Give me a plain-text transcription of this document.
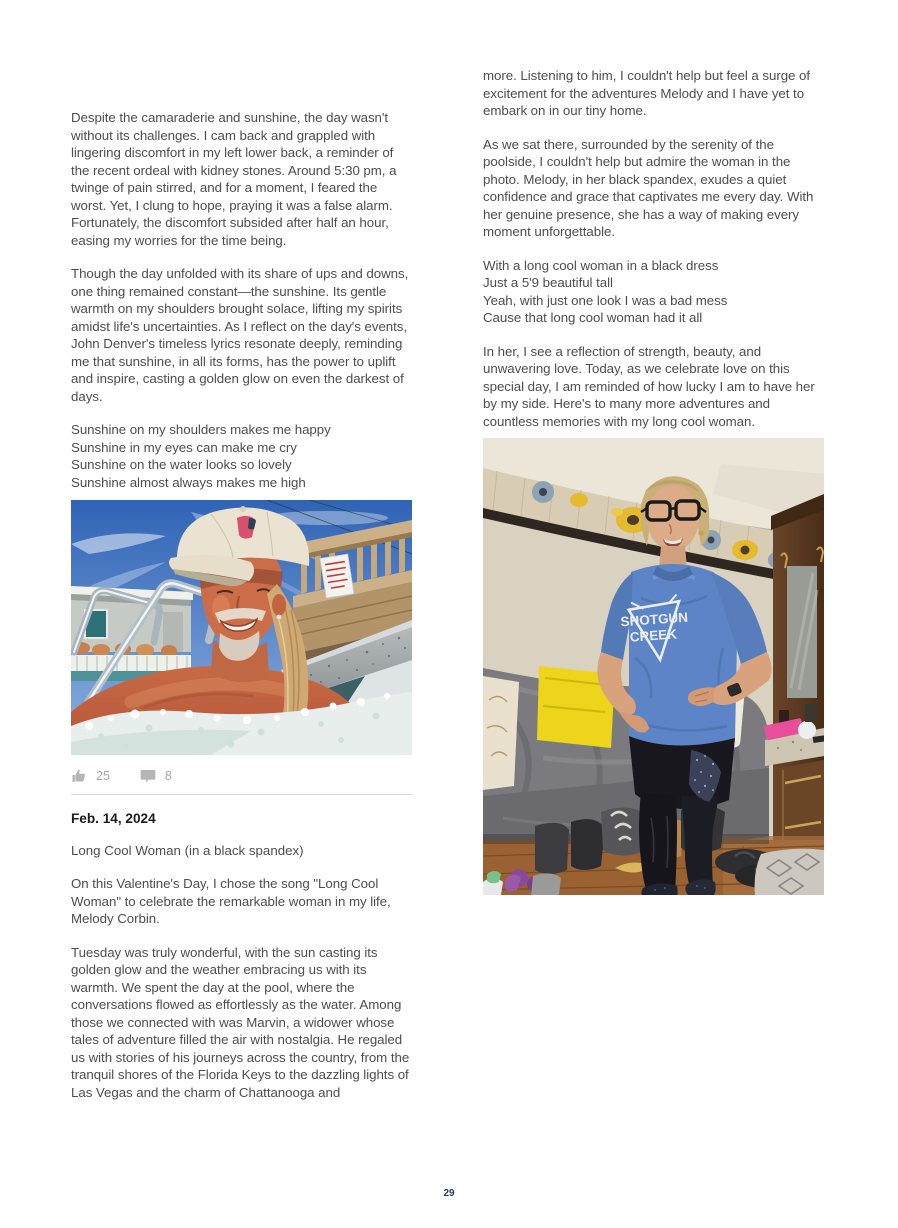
Despite the camaraderie and sunshine, the day wasn't without its challenges. I cam back and grappled with lingering discomfort in my left lower back, a reminder of the recent ordeal with kidney stones. Around 5:30 pm, a twinge of pain stirred, and for a moment, I feared the worst. Yet, I clung to hope, praying it was a false alarm. Fortunately, the discomfort subsided after half an hour, easing my worries for the time being.

Though the day unfolded with its share of ups and downs, one thing remained constant—the sunshine. Its gentle warmth on my shoulders brought solace, lifting my spirits amidst life's uncertainties. As I reflect on the day's events, John Denver's timeless lyrics resonate deeply, reminding me that sunshine, in all its forms, has the power to uplift and inspire, casting a golden glow on even the darkest of days.

Sunshine on my shoulders makes me happy
Sunshine in my eyes can make me cry
Sunshine on the water looks so lovely
Sunshine almost always makes me high
25	8
Feb. 14, 2024
Long Cool Woman (in a black spandex)

On this Valentine's Day, I chose the song "Long Cool Woman" to celebrate the remarkable woman in my life, Melody Corbin.

Tuesday was truly wonderful, with the sun casting its golden glow and the weather embracing us with its warmth. We spent the day at the pool, where the conversations flowed as effortlessly as the water. Among those we connected with was Marvin, a widower whose tales of adventure filled the air with nostalgia. He regaled us with stories of his journeys across the country, from the tranquil shores of the Florida Keys to the dazzling lights of Las Vegas and the charm of Chattanooga and

more. Listening to him, I couldn't help but feel a surge of excitement for the adventures Melody and I have yet to embark on in our tiny home.

As we sat there, surrounded by the serenity of the poolside, I couldn't help but admire the woman in the photo. Melody, in her black spandex, exudes a quiet confidence and grace that captivates me every day. With her genuine presence, she has a way of making every moment unforgettable.

With a long cool woman in a black dress
Just a 5'9 beautiful tall
Yeah, with just one look I was a bad mess
Cause that long cool woman had it all

In her, I see a reflection of strength, beauty, and unwavering love. Today, as we celebrate love on this special day, I am reminded of how lucky I am to have her by my side. Here's to many more adventures and countless memories with my long cool woman.

SHOTGUN
CREEK
29
